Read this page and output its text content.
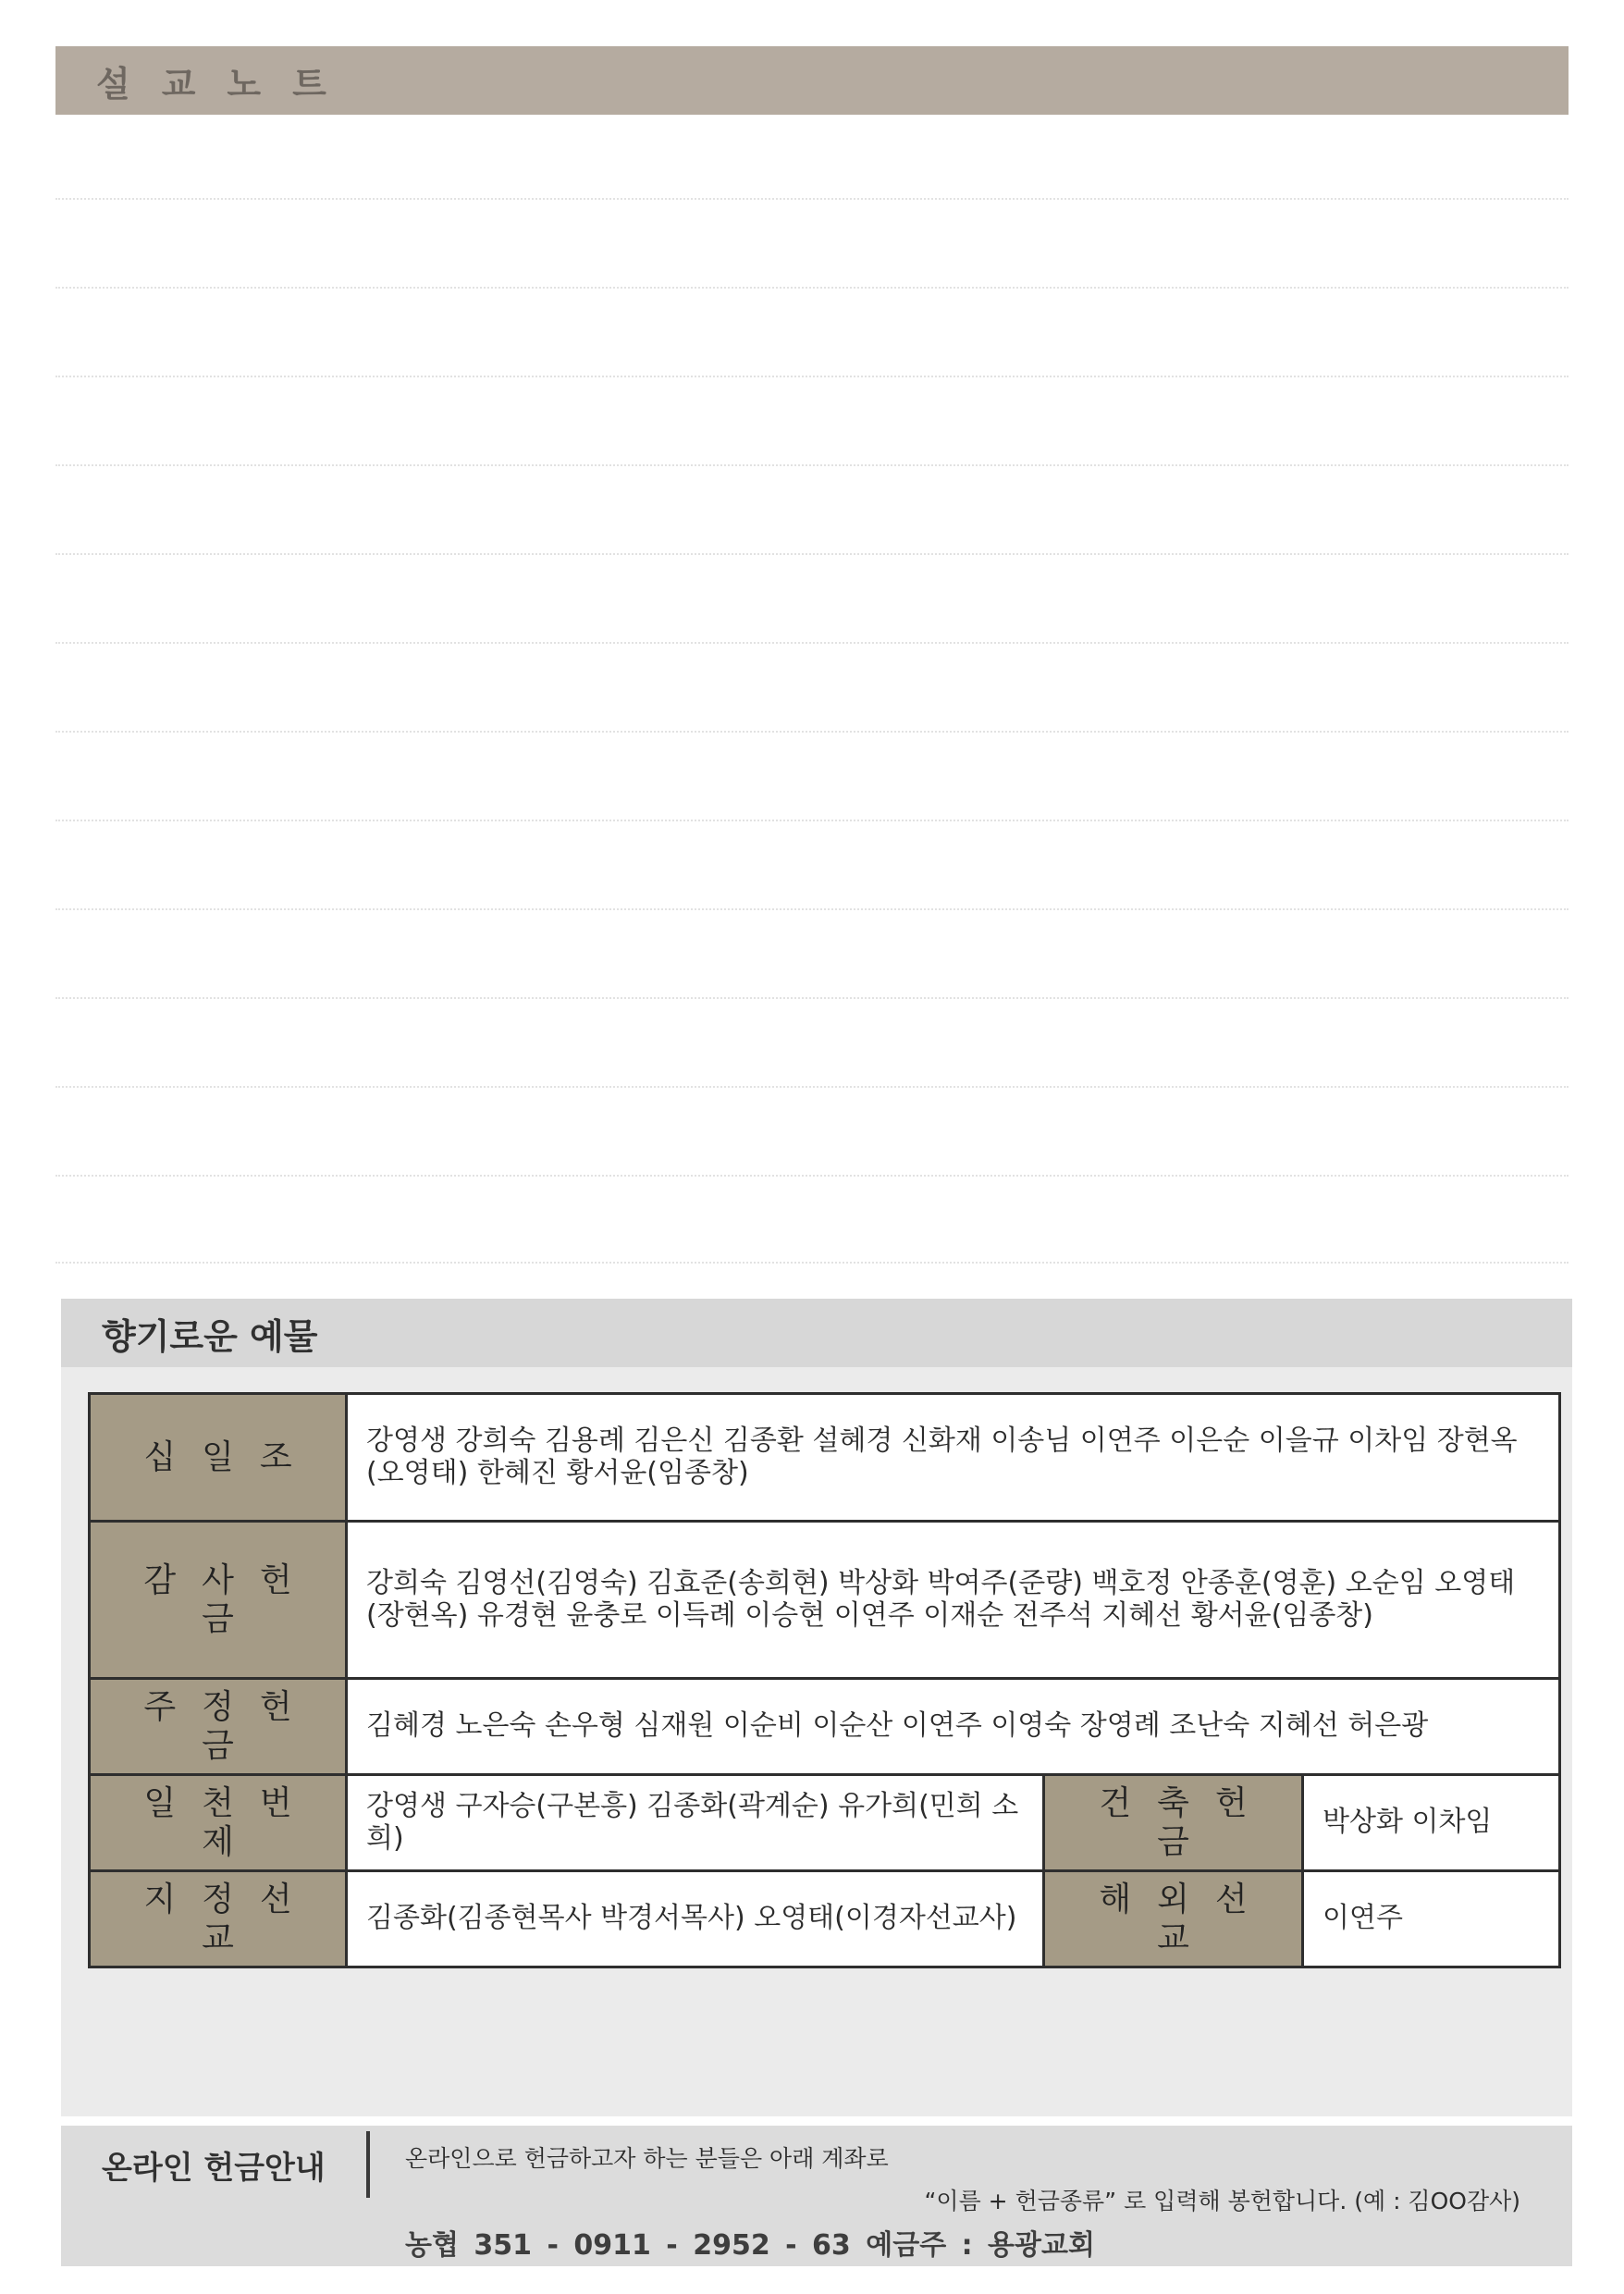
설교노트
향기로운 예물
십일조	강영생 강희숙 김용례 김은신 김종환 설혜경 신화재 이송님 이연주 이은순 이을규 이차임 장현옥(오영태) 한혜진 황서윤(임종창)		
감사헌금	강희숙 김영선(김영숙) 김효준(송희현) 박상화 박여주(준량) 백호정 안종훈(영훈) 오순임 오영태(장현옥) 유경현 윤충로 이득례 이승현 이연주 이재순 전주석 지혜선 황서윤(임종창)		
주정헌금	김혜경 노은숙 손우형 심재원 이순비 이순산 이연주 이영숙 장영례 조난숙 지혜선 허은광		
일천번제	강영생 구자승(구본흥) 김종화(곽계순) 유가희(민희 소희)	건축헌금	박상화 이차임
지정선교	김종화(김종현목사 박경서목사) 오영태(이경자선교사)	해외선교	이연주
온라인 헌금안내	온라인으로 헌금하고자 하는 분들은 아래 계좌로
“이름 + 헌금종류” 로 입력해 봉헌합니다. (예 : 김OO감사)
농협 351 - 0911 - 2952 - 63 예금주 : 용광교회
